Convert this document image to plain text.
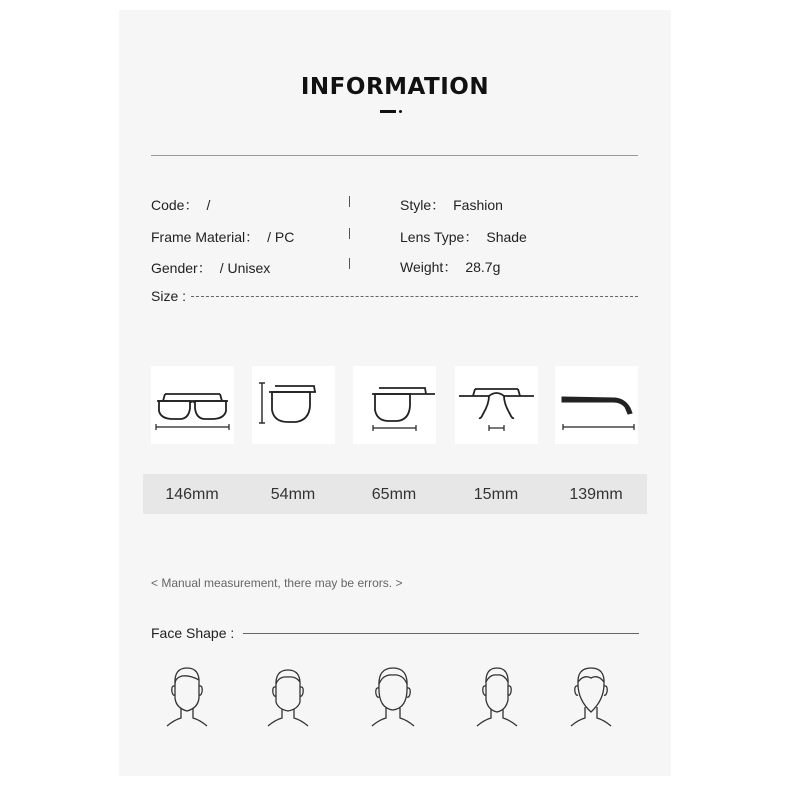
INFORMATION
Code： /	Style： Fashion
Frame Material： / PC	Lens Type： Shade
Gender： / Unisex	Weight： 28.7g
Size :
146mm	54mm	65mm	15mm	139mm
< Manual measurement, there may be errors. >
Face Shape :
